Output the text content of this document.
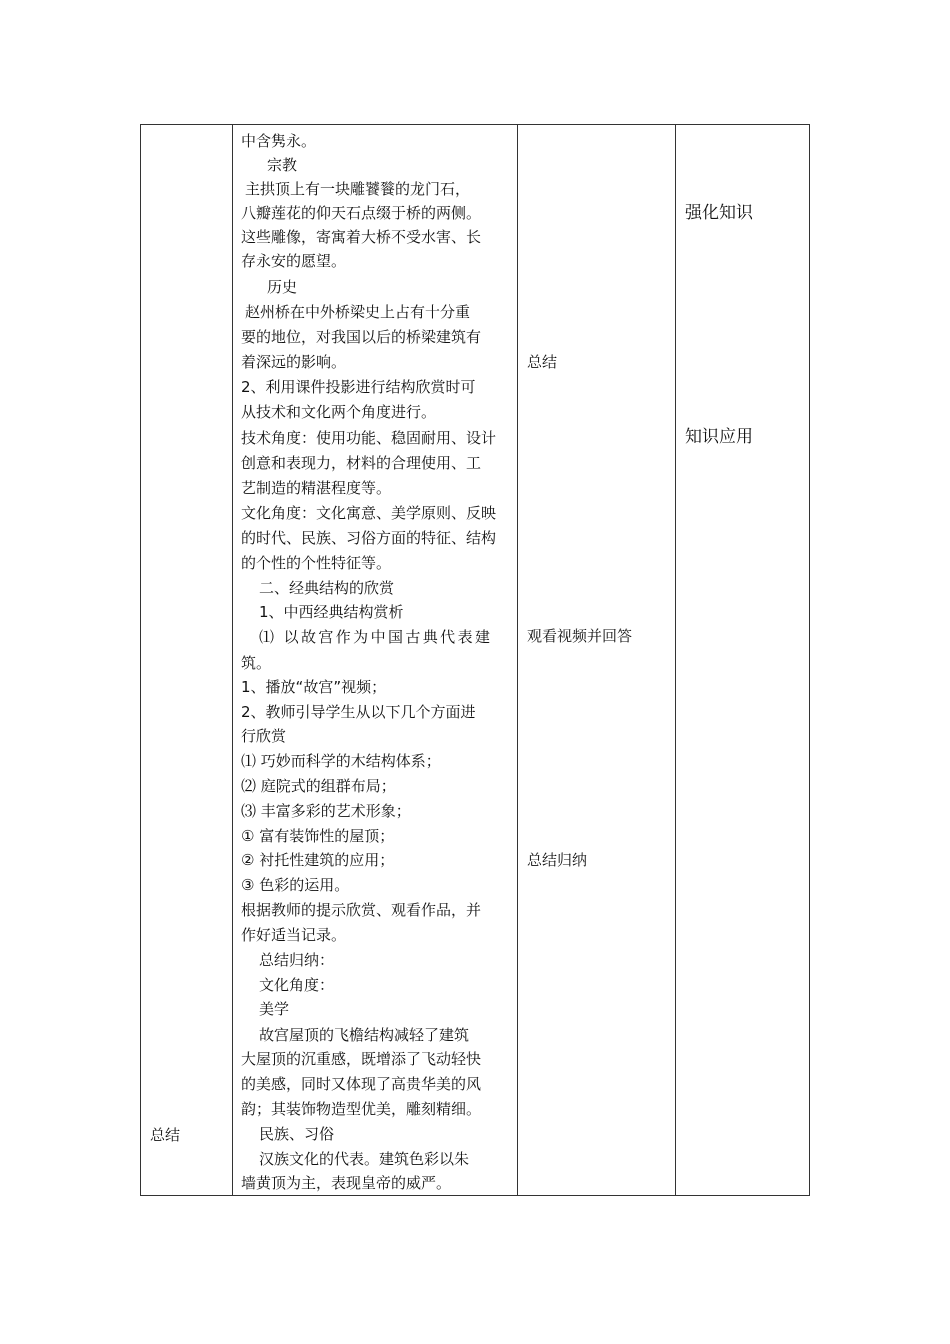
总结
中含隽永。
宗教
主拱顶上有一块雕饕餮的龙门石，
八瓣莲花的仰天石点缀于桥的两侧。
这些雕像，寄寓着大桥不受水害、长
存永安的愿望。
历史
赵州桥在中外桥梁史上占有十分重
要的地位，对我国以后的桥梁建筑有
着深远的影响。
2、利用课件投影进行结构欣赏时可
从技术和文化两个角度进行。
技术角度：使用功能、稳固耐用、设计
创意和表现力，材料的合理使用、工
艺制造的精湛程度等。
文化角度：文化寓意、美学原则、反映
的时代、民族、习俗方面的特征、结构
的个性的个性特征等。
二、经典结构的欣赏
1、中西经典结构赏析
⑴ 以故宫作为中国古典代表建
筑。
1、播放“故宫”视频；
2、教师引导学生从以下几个方面进
行欣赏
⑴ 巧妙而科学的木结构体系；
⑵ 庭院式的组群布局；
⑶ 丰富多彩的艺术形象；
① 富有装饰性的屋顶；
② 衬托性建筑的应用；
③ 色彩的运用。
根据教师的提示欣赏、观看作品，并
作好适当记录。
总结归纳：
文化角度：
美学
故宫屋顶的飞檐结构减轻了建筑
大屋顶的沉重感，既增添了飞动轻快
的美感，同时又体现了高贵华美的风
韵；其装饰物造型优美，雕刻精细。
民族、习俗
汉族文化的代表。建筑色彩以朱
墙黄顶为主，表现皇帝的威严。
总结
观看视频并回答
总结归纳
强化知识
知识应用
